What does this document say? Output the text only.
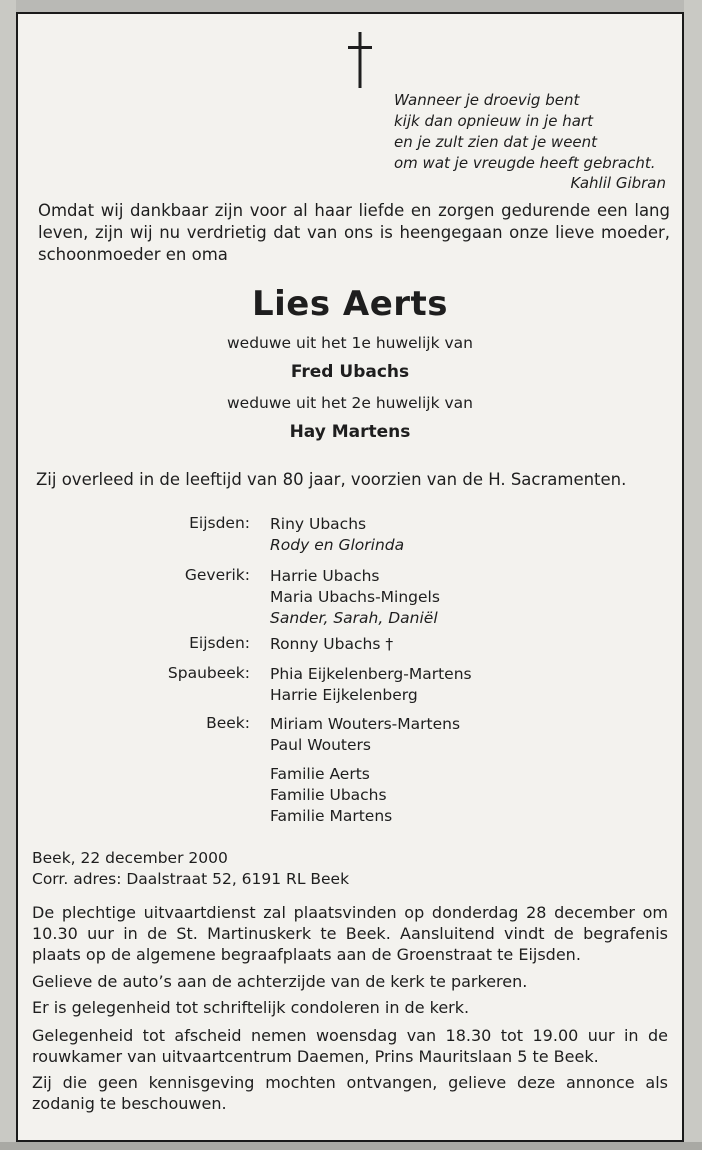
Wanneer je droevig bent
kijk dan opnieuw in je hart
en je zult zien dat je weent
om wat je vreugde heeft gebracht.
Kahlil Gibran
Omdat wij dankbaar zijn voor al haar liefde en zorgen gedurende een lang leven, zijn wij nu verdrietig dat van ons is heengegaan onze lieve moeder, schoonmoeder en oma
Lies Aerts
weduwe uit het 1e huwelijk van
Fred Ubachs
weduwe uit het 2e huwelijk van
Hay Martens
Zij overleed in de leeftijd van 80 jaar, voorzien van de H. Sacramenten.
Eijsden: Riny Ubachs
Rody en Glorinda
Geverik: Harrie Ubachs
Maria Ubachs-Mingels
Sander, Sarah, Daniël
Eijsden: Ronny Ubachs †
Spaubeek: Phia Eijkelenberg-Martens
Harrie Eijkelenberg
Beek: Miriam Wouters-Martens
Paul Wouters
Familie Aerts
Familie Ubachs
Familie Martens
Beek, 22 december 2000
Corr. adres: Daalstraat 52, 6191 RL Beek
De plechtige uitvaartdienst zal plaatsvinden op donderdag 28 december om 10.30 uur in de St. Martinuskerk te Beek. Aansluitend vindt de begrafenis plaats op de algemene begraafplaats aan de Groenstraat te Eijsden.
Gelieve de auto’s aan de achterzijde van de kerk te parkeren.
Er is gelegenheid tot schriftelijk condoleren in de kerk.
Gelegenheid tot afscheid nemen woensdag van 18.30 tot 19.00 uur in de rouwkamer van uitvaartcentrum Daemen, Prins Mauritslaan 5 te Beek.
Zij die geen kennisgeving mochten ontvangen, gelieve deze annonce als zodanig te beschouwen.
